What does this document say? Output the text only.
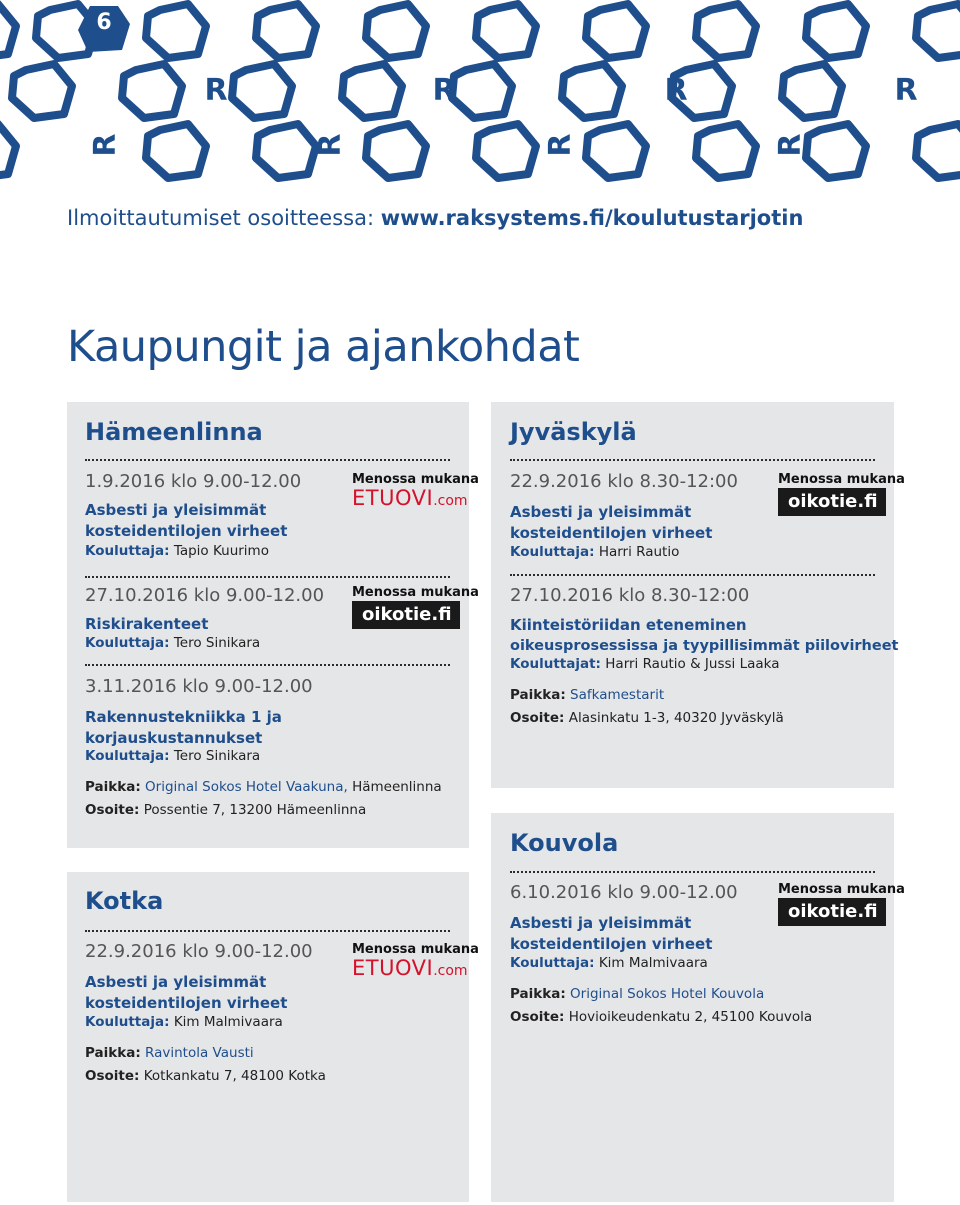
R	R	R	R
R	R	R	R
6
Ilmoittautumiset osoitteessa: www.raksystems.fi/koulutustarjotin
Kaupungit ja ajankohdat
Hämeenlinna
1.9.2016 klo 9.00-12.00
Asbesti ja yleisimmät
kosteidentilojen virheet
Kouluttaja: Tapio Kuurimo
Menossa mukana
ETUOVI.com
27.10.2016 klo 9.00-12.00
Riskirakenteet
Kouluttaja: Tero Sinikara
Menossa mukana
oikotie.fi
3.11.2016 klo 9.00-12.00
Rakennustekniikka 1 ja
korjauskustannukset
Kouluttaja: Tero Sinikara
Paikka: Original Sokos Hotel Vaakuna, Hämeenlinna
Osoite: Possentie 7, 13200 Hämeenlinna
Kotka
22.9.2016 klo 9.00-12.00
Asbesti ja yleisimmät
kosteidentilojen virheet
Kouluttaja: Kim Malmivaara
Menossa mukana
ETUOVI.com
Paikka: Ravintola Vausti
Osoite: Kotkankatu 7, 48100 Kotka
Jyväskylä
22.9.2016 klo 8.30-12:00
Asbesti ja yleisimmät
kosteidentilojen virheet
Kouluttaja: Harri Rautio
Menossa mukana
oikotie.fi
27.10.2016 klo 8.30-12:00
Kiinteistöriidan eteneminen
oikeusprosessissa ja tyypillisimmät piilovirheet
Kouluttajat: Harri Rautio & Jussi Laaka
Paikka: Safkamestarit
Osoite: Alasinkatu 1-3, 40320 Jyväskylä
Kouvola
6.10.2016 klo 9.00-12.00
Asbesti ja yleisimmät
kosteidentilojen virheet
Kouluttaja: Kim Malmivaara
Menossa mukana
oikotie.fi
Paikka: Original Sokos Hotel Kouvola
Osoite: Hovioikeudenkatu 2, 45100 Kouvola
